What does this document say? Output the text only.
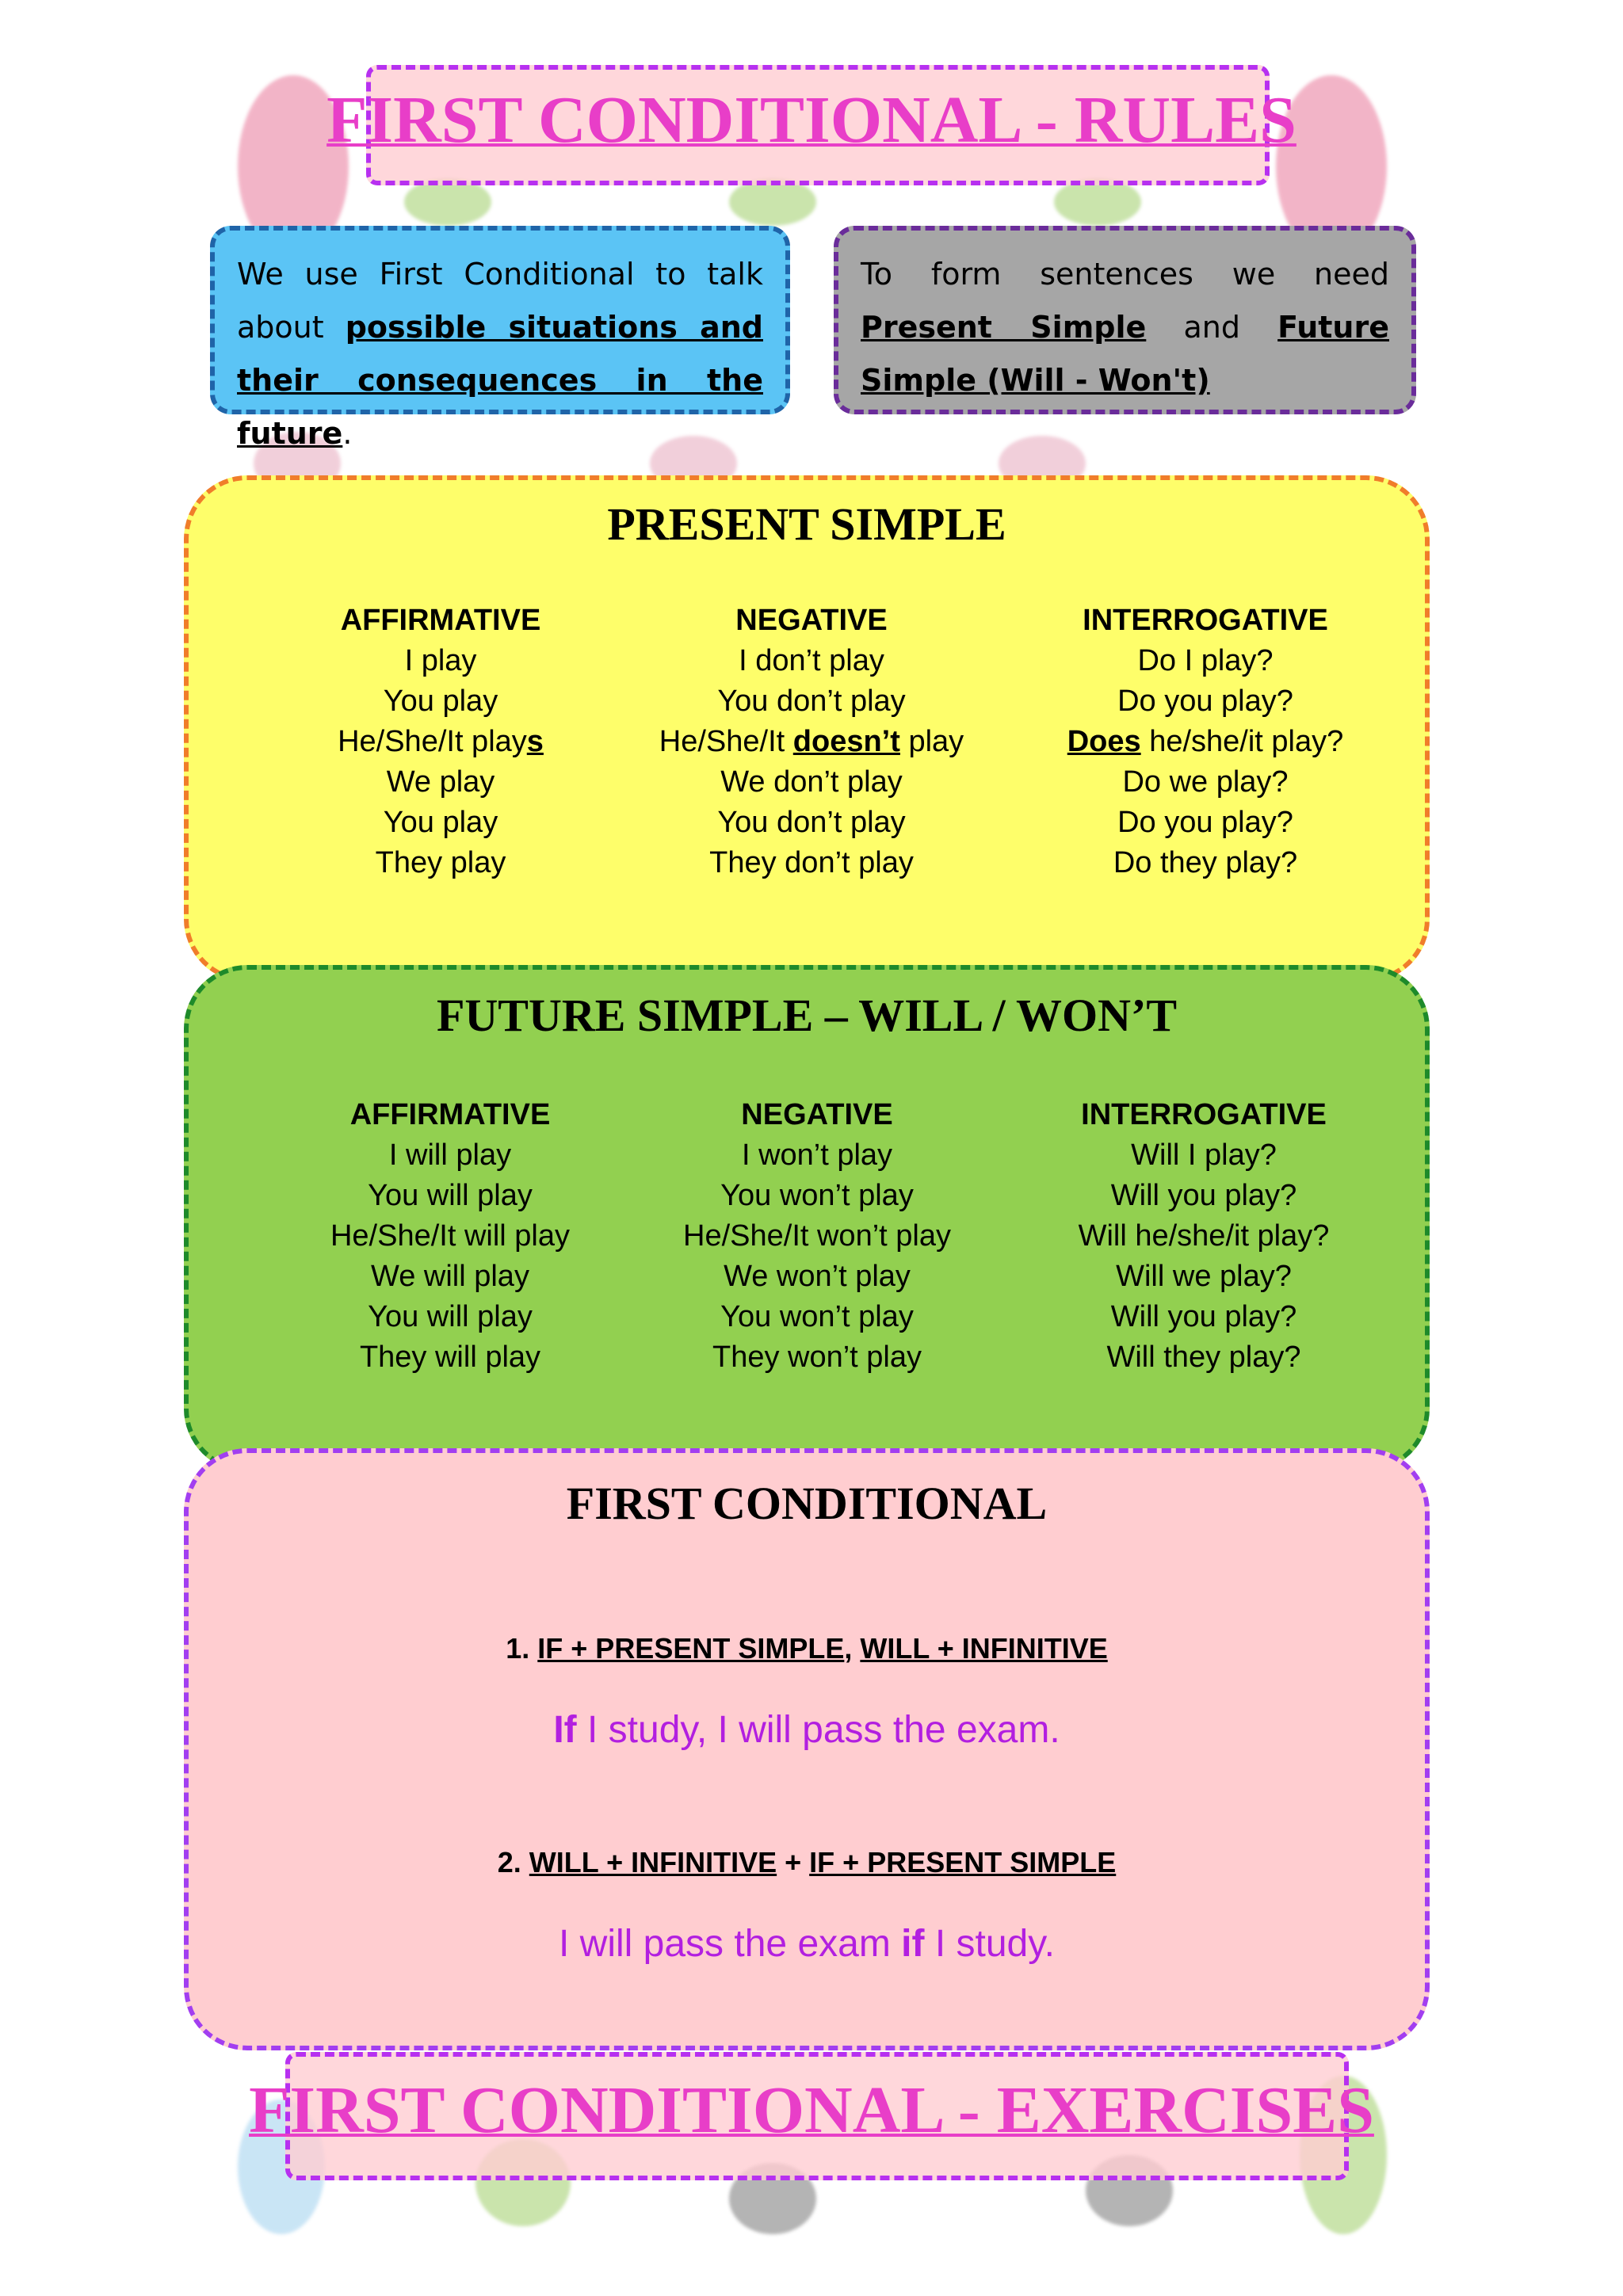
FIRST CONDITIONAL - RULES
We use First Conditional to talk about possible situations and their consequences in the future.
To form sentences we need Present Simple and Future Simple (Will - Won't)
PRESENT SIMPLE
AFFIRMATIVE
I play
You play
He/She/It plays
We play
You play
They play
NEGATIVE
I don’t play
You don’t play
He/She/It doesn’t play
We don’t play
You don’t play
They don’t play
INTERROGATIVE
Do I play?
Do you play?
Does he/she/it play?
Do we play?
Do you play?
Do they play?
FUTURE SIMPLE – WILL / WON’T
AFFIRMATIVE
I will play
You will play
He/She/It will play
We will play
You will play
They will play
NEGATIVE
I won’t play
You won’t play
He/She/It won’t play
We won’t play
You won’t play
They won’t play
INTERROGATIVE
Will I play?
Will you play?
Will he/she/it play?
Will we play?
Will you play?
Will they play?
FIRST CONDITIONAL
1. IF + PRESENT SIMPLE, WILL + INFINITIVE
If I study, I will pass the exam.
2. WILL + INFINITIVE + IF + PRESENT SIMPLE
I will pass the exam if I study.
FIRST CONDITIONAL - EXERCISES
